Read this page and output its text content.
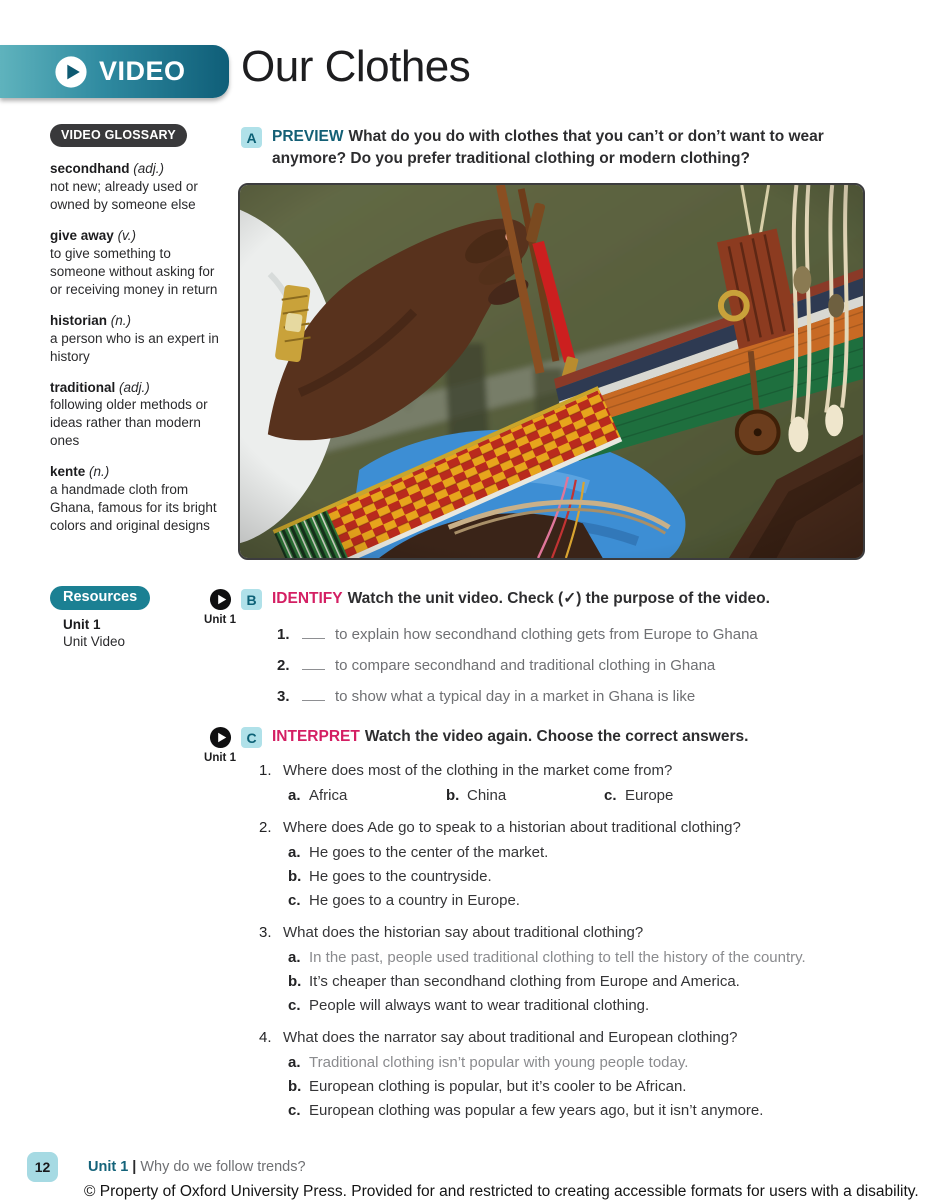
VIDEO Our Clothes
VIDEO GLOSSARY
secondhand (adj.)
not new; already used or owned by someone else
give away (v.)
to give something to someone without asking for or receiving money in return
historian (n.)
a person who is an expert in history
traditional (adj.)
following older methods or ideas rather than modern ones
kente (n.)
a handmade cloth from Ghana, famous for its bright colors and original designs
Resources
Unit 1
Unit Video
Unit 1
Unit 1
A PREVIEW What do you do with clothes that you can’t or don’t want to wear anymore? Do you prefer traditional clothing or modern clothing?
B IDENTIFY Watch the unit video. Check (✓) the purpose of the video.
1.	to explain how secondhand clothing gets from Europe to Ghana
2.	to compare secondhand and traditional clothing in Ghana
3.	to show what a typical day in a market in Ghana is like
C INTERPRET Watch the video again. Choose the correct answers.
1. Where does most of the clothing in the market come from?
a. Africa	b. China	c. Europe
2. Where does Ade go to speak to a historian about traditional clothing?
a. He goes to the center of the market.
b. He goes to the countryside.
c. He goes to a country in Europe.
3. What does the historian say about traditional clothing?
a. In the past, people used traditional clothing to tell the history of the country.
b. It’s cheaper than secondhand clothing from Europe and America.
c. People will always want to wear traditional clothing.
4. What does the narrator say about traditional and European clothing?
a. Traditional clothing isn’t popular with young people today.
b. European clothing is popular, but it’s cooler to be African.
c. European clothing was popular a few years ago, but it isn’t anymore.
12	Unit 1 | Why do we follow trends?
© Property of Oxford University Press. Provided for and restricted to creating accessible formats for users with a disability.
